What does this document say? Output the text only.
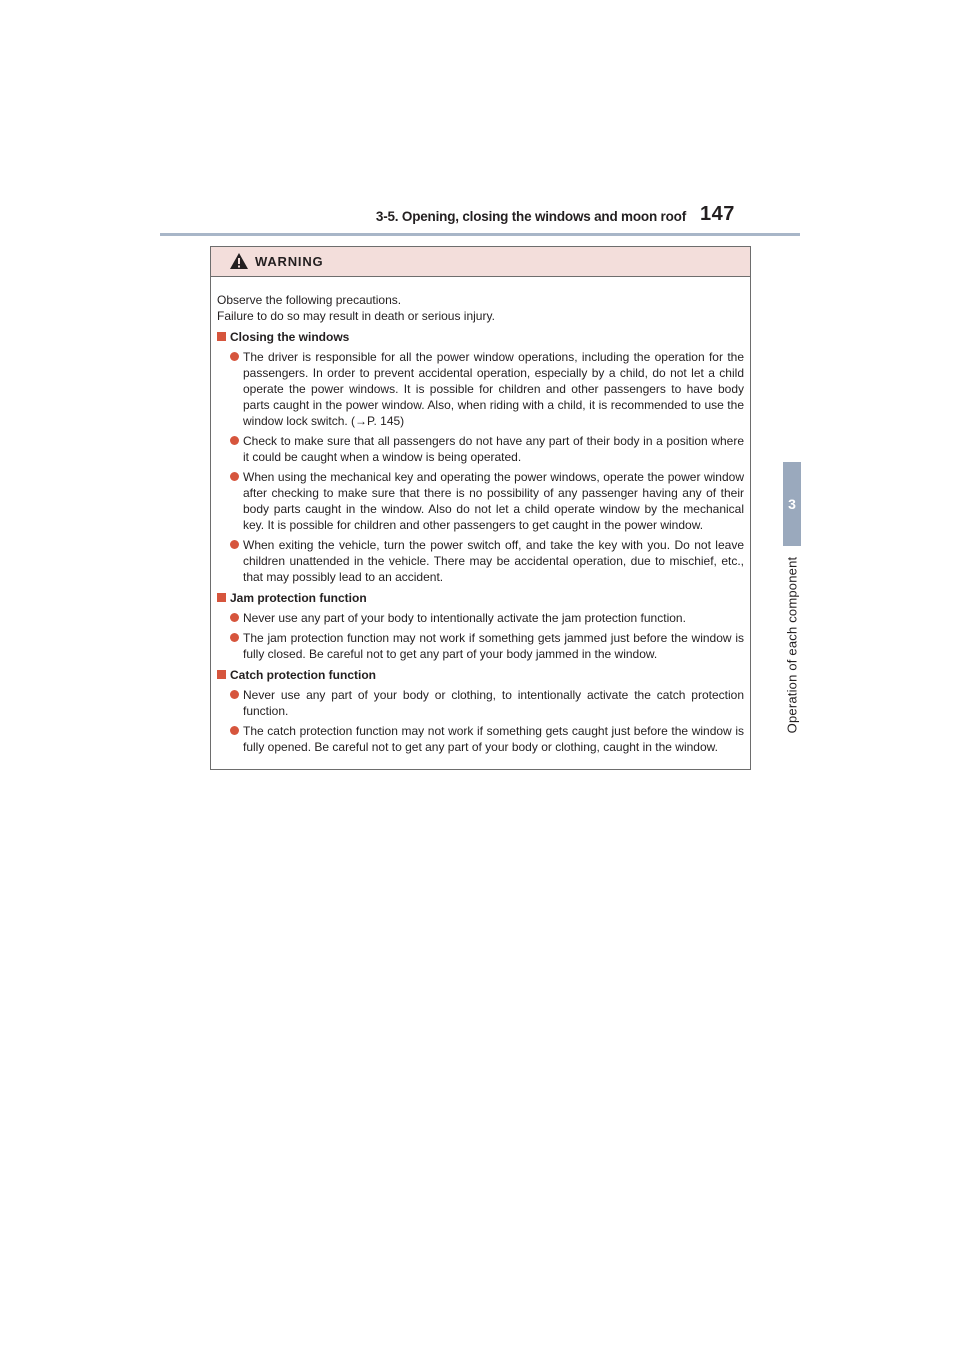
3-5. Opening, closing the windows and moon roof 147
3
Operation of each component
WARNING

Observe the following precautions.

Failure to do so may result in death or serious injury.

Closing the windows

The driver is responsible for all the power window operations, including the operation for the passengers. In order to prevent accidental operation, especially by a child, do not let a child operate the power windows. It is possible for children and other passengers to have body parts caught in the power window. Also, when riding with a child, it is recommended to use the window lock switch. (→P. 145)

Check to make sure that all passengers do not have any part of their body in a position where it could be caught when a window is being operated.

When using the mechanical key and operating the power windows, operate the power window after checking to make sure that there is no possibility of any passenger having any of their body parts caught in the window. Also do not let a child operate window by the mechanical key. It is possible for children and other passengers to get caught in the power window.

When exiting the vehicle, turn the power switch off, and take the key with you. Do not leave children unattended in the vehicle. There may be accidental operation, due to mischief, etc., that may possibly lead to an accident.

Jam protection function

Never use any part of your body to intentionally activate the jam protection function.

The jam protection function may not work if something gets jammed just before the window is fully closed. Be careful not to get any part of your body jammed in the window.

Catch protection function

Never use any part of your body or clothing, to intentionally activate the catch protection function.

The catch protection function may not work if something gets caught just before the window is fully opened. Be careful not to get any part of your body or clothing, caught in the window.
